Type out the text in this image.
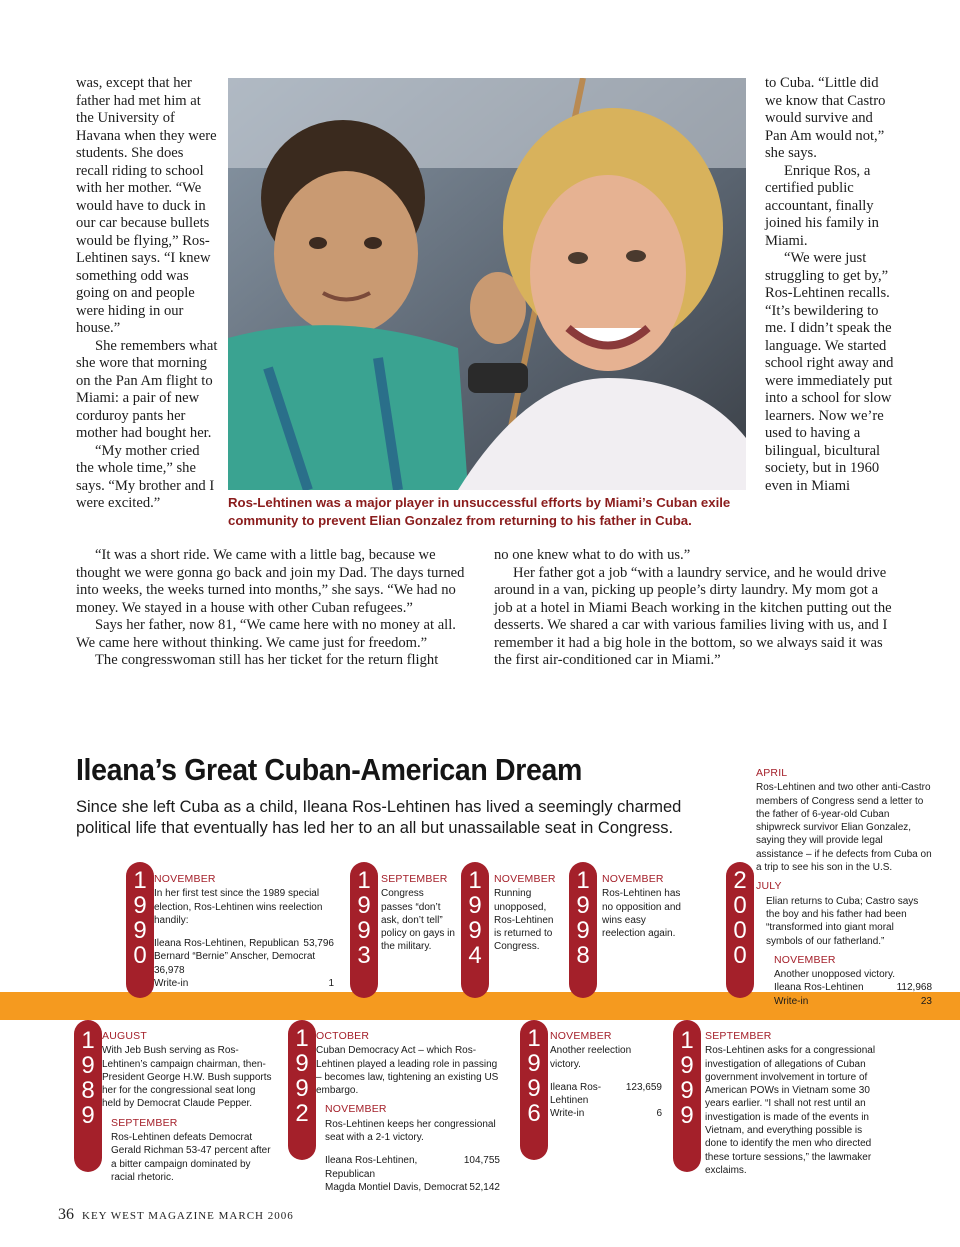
was, except that her father had met him at the University of Havana when they were students. She does recall riding to school with her mother. “We would have to duck in our car because bullets would be flying,” Ros-Lehtinen says. “I knew something odd was going on and people were hiding in our house.”

She remembers what she wore that morning on the Pan Am flight to Miami: a pair of new corduroy pants her mother had bought her.

“My mother cried the whole time,” she says. “My brother and I were excited.”	Ros-Lehtinen was a major player in unsuccessful efforts by Miami’s Cuban exile community to prevent Elian Gonzalez from returning to his father in Cuba.

to Cuba. “Little did we know that Castro would survive and Pan Am would not,” she says.

Enrique Ros, a certified public accountant, finally joined his family in Miami.

“We were just struggling to get by,” Ros-Lehtinen recalls. “It’s bewildering to me. I didn’t speak the language. We started school right away and were immediately put into a school for slow learners. Now we’re used to having a bilingual, bicultural society, but in 1960 even in Miami

“It was a short ride. We came with a little bag, because we thought we were gonna go back and join my Dad. The days turned into weeks, the weeks turned into months,” she says. “We had no money. We stayed in a house with other Cuban refugees.”

Says her father, now 81, “We came here with no money at all. We came here without thinking. We came just for freedom.”

The congresswoman still has her ticket for the return flight

no one knew what to do with us.”

Her father got a job “with a laundry service, and he would drive around in a van, picking up people’s dirty laundry. My mom got a job at a hotel in Miami Beach working in the kitchen putting out the desserts. We shared a car with various families living with us, and I remember it had a big hole in the bottom, so we always said it was the first air-conditioned car in Miami.”

Ileana’s Great Cuban-American Dream
Since she left Cuba as a child, Ileana Ros-Lehtinen has lived a seemingly charmed political life that eventually has led her to an all but unassailable seat in Congress.
1
9
9
0
1
9
9
3
1
9
9
4
1
9
9
8
2
0
0
0
1
9
8
9
1
9
9
2
1
9
9
6
1
9
9
9
NOVEMBER
In her first test since the 1989 special election, Ros-Lehtinen wins reelection handily:
Ileana Ros-Lehtinen, Republican 53,796
Bernard “Bernie” Anscher, Democrat
36,978
Write-in	1
SEPTEMBER
Congress passes “don’t ask, don’t tell” policy on gays in the military.
NOVEMBER
Running unopposed, Ros-Lehtinen is returned to Congress.
NOVEMBER
Ros-Lehtinen has no opposition and wins easy reelection again.
APRIL
Ros-Lehtinen and two other anti-Castro members of Congress send a letter to the father of 6-year-old Cuban shipwreck survivor Elian Gonzalez, saying they will provide legal assistance – if he defects from Cuba on a trip to see his son in the U.S.
JULY
Elian returns to Cuba; Castro says the boy and his father had been “transformed into giant moral symbols of our fatherland.”
NOVEMBER
Another unopposed victory.
Ileana Ros-Lehtinen	112,968
Write-in	23
AUGUST
With Jeb Bush serving as Ros-Lehtinen’s campaign chairman, then-President George H.W. Bush supports her for the congressional seat long held by Democrat Claude Pepper.
SEPTEMBER
Ros-Lehtinen defeats Democrat Gerald Richman 53-47 percent after a bitter campaign dominated by racial rhetoric.
OCTOBER
Cuban Democracy Act – which Ros-Lehtinen played a leading role in passing – becomes law, tightening an existing US embargo.
NOVEMBER
Ros-Lehtinen keeps her congressional seat with a 2-1 victory.
Ileana Ros-Lehtinen, Republican
104,755
Magda Montiel Davis, Democrat 52,142
NOVEMBER
Another reelection victory.
Ileana Ros-Lehtinen
123,659
Write-in	6
SEPTEMBER
Ros-Lehtinen asks for a congressional investigation of allegations of Cuban government involvement in torture of American POWs in Vietnam some 30 years earlier. “I shall not rest until an investigation is made of the events in Vietnam, and everything possible is done to identify the men who directed these torture sessions,” the lawmaker exclaims.
36 KEY WEST MAGAZINE MARCH 2006
